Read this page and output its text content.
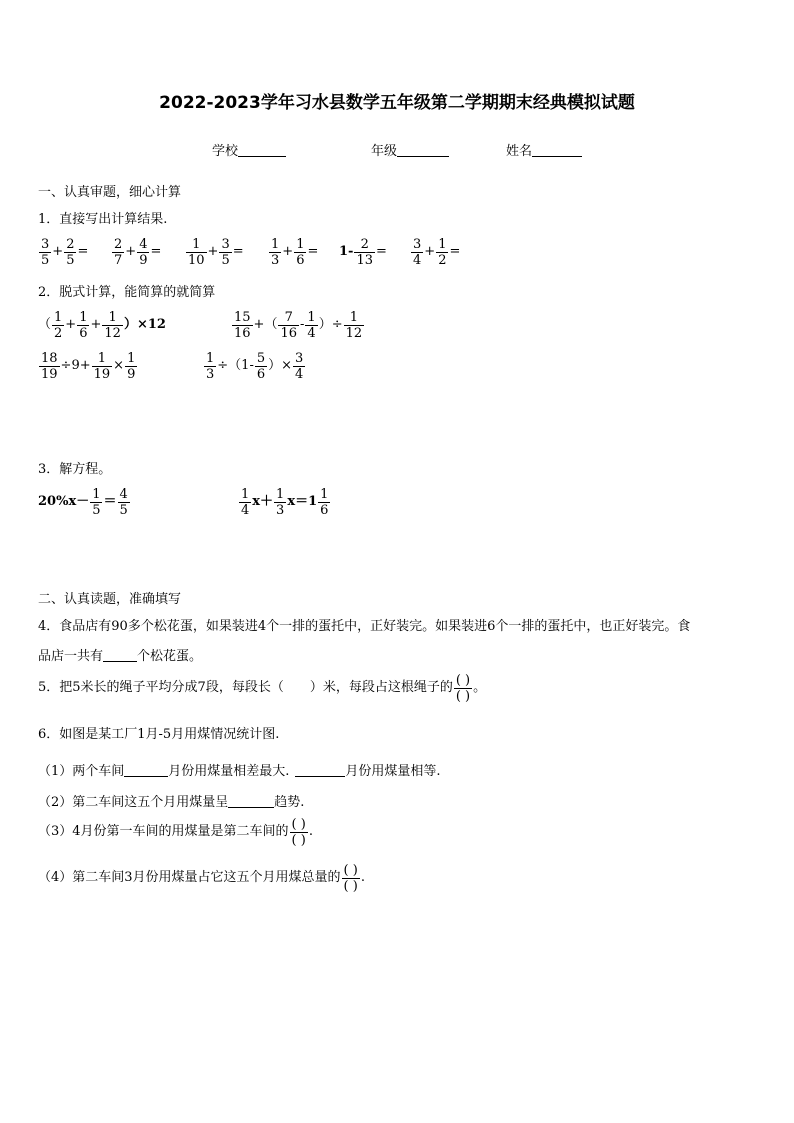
2022-2023学年习水县数学五年级第二学期期末经典模拟试题
学校	年级	姓名
一、认真审题，细心计算
1．直接写出计算结果.
$\frac{3}{5} + \frac{2}{5} = \frac{2}{7} + \frac{4}{9} = \frac{1}{10} + \frac{3}{5} = \frac{1}{3} + \frac{1}{6} = 1- \frac{2}{13} = \frac{3}{4} + \frac{1}{2}$ =
2．脱式计算，能简算的就简算
（ $\frac{1}{2} + \frac{1}{6} + \frac{1}{12} )\times 12$	$\frac{15}{16}$ +（ $\frac{7}{16} - \frac{1}{4}$ ）÷ $\frac{1}{12}$
$\frac{18}{19} \div 9+ \frac{1}{19} \times \frac{1}{9}$	$\frac{1}{3} \div(1- \frac{5}{6}$ ）× $\frac{3}{4}$
3．解方程。
$20\%x- \frac{1}{5} = \frac{4}{5}$	$\frac{1}{4} x+ \frac{1}{3} x=1 \frac{1}{6}$
二、认真读题，准确填写
4．食品店有90多个松花蛋，如果装进4个一排的蛋托中，正好装完。如果装进6个一排的蛋托中，也正好装完。食
品店一共有	个松花蛋。
5．把5米长的绳子平均分成7段，每段长（　　）米，每段占这根绳子的 ( )
( )
。
6．如图是某工厂1月-5月用煤情况统计图.
（1）两个车间	月份用煤量相差最大.	月份用煤量相等.
（2）第二车间这五个月用煤量呈	趋势.
（3）4月份第一车间的用煤量是第二车间的 ( )
( )
.
（4）第二车间3月份用煤量占它这五个月用煤总量的 ( )
( )
.
